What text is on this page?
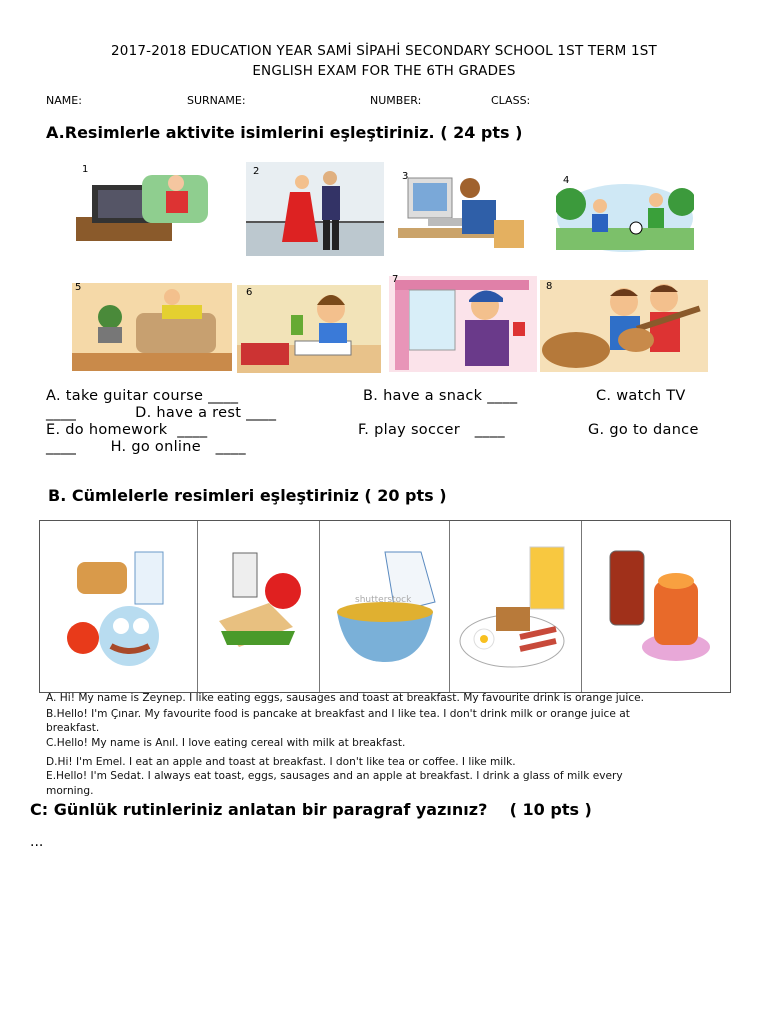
2017-2018 EDUCATION YEAR SAMİ SİPAHİ SECONDARY SCHOOL 1ST TERM 1ST
ENGLISH EXAM FOR THE 6TH GRADES
NAME:	SURNAME:	NUMBER:	CLASS:
A.Resimlerle aktivite isimlerini eşleştiriniz. ( 24 pts )
1	2	3	4
5	6
7
8
A. take guitar course ____	B. have a snack ____	C. watch TV
____            D. have a rest ____
E. do homework  ____	F. play soccer   ____	G. go to dance
____       H. go online   ____
B. Cümlelerle resimleri eşleştiriniz ( 20 pts )
shutterstock
A. Hi! My name is Zeynep. I like eating eggs, sausages and toast at breakfast. My favourite drink is orange juice.
B.Hello! I'm Çınar. My favourite food is pancake at breakfast and I like tea. I don't drink milk or orange juice at
breakfast.
C.Hello! My name is Anıl. I love eating cereal with milk at breakfast.
D.Hi! I'm Emel. I eat an apple and toast at breakfast. I don't like tea or coffee. I like milk.
E.Hello! I'm Sedat. I always eat toast, eggs, sausages and an apple at breakfast. I drink a glass of milk every
morning.
C: Günlük rutinleriniz anlatan bir paragraf yazınız?    ( 10 pts )
...
